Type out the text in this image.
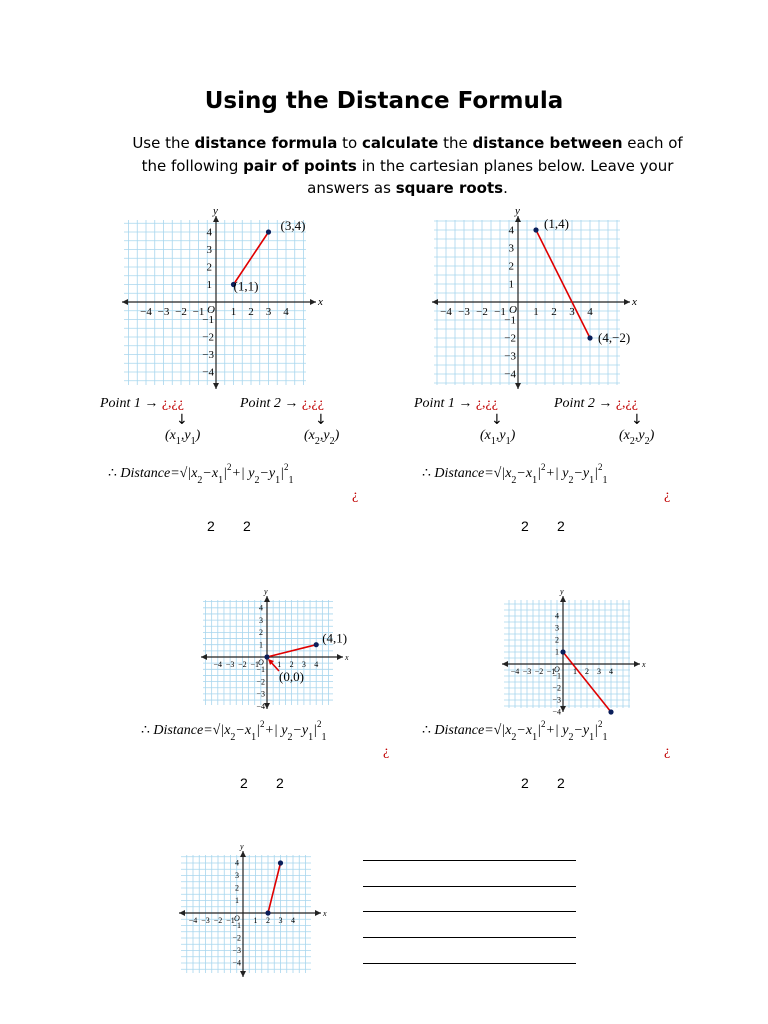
Using the Distance Formula
Use the distance formula to calculate the distance between each of the following pair of points in the cartesian planes below. Leave your answers as square roots.
x
y
O
−4 −3 −2 −1 1 2 3 4
4
3
2
1
−1
−2
−3
−4
(1,1)
(3,4)
x
y
O
−4 −3 −2 −1 1 2 3 4
4
3
2
1
−1
−2
−3
−4
(1,4)
(4,−2)
x
y
O
−4 −3 −2 −1 1 2 3 4
4
3
2
1
−1
−2
−3
−4
(0,0)
(4,1)
x
y
O
−4 −3 −2 −1 1 2 3 4
4
3
2
1
−1
−2
−3
−4
x
y
O
−4 −3 −2 −1 1 2 3 4
4
3
2
1
−1
−2
−3
−4
Point 1 → ¿,¿¿	Point 2 → ¿,¿¿	Point 1 → ¿,¿¿	Point 2 → ¿,¿¿
↓	↓	↓	↓
$(x_1,y_1)$	$(x_2,y_2)$	$(x_1,y_1)$	$(x_2,y_2)$
∴ $Distance=√|x_2-x_1|^2+|$ $y_2-y_1|^2_1$	∴ $Distance=√|x_2-x_1|^2+|$ $y_2-y_1|^2_1$
∴ $Distance=√|x_2-x_1|^2+|$ $y_2-y_1|^2_1$	∴ $Distance=√|x_2-x_1|^2+|$ $y_2-y_1|^2_1$
¿	¿
¿	¿
2 2	2 2
2 2	2 2
